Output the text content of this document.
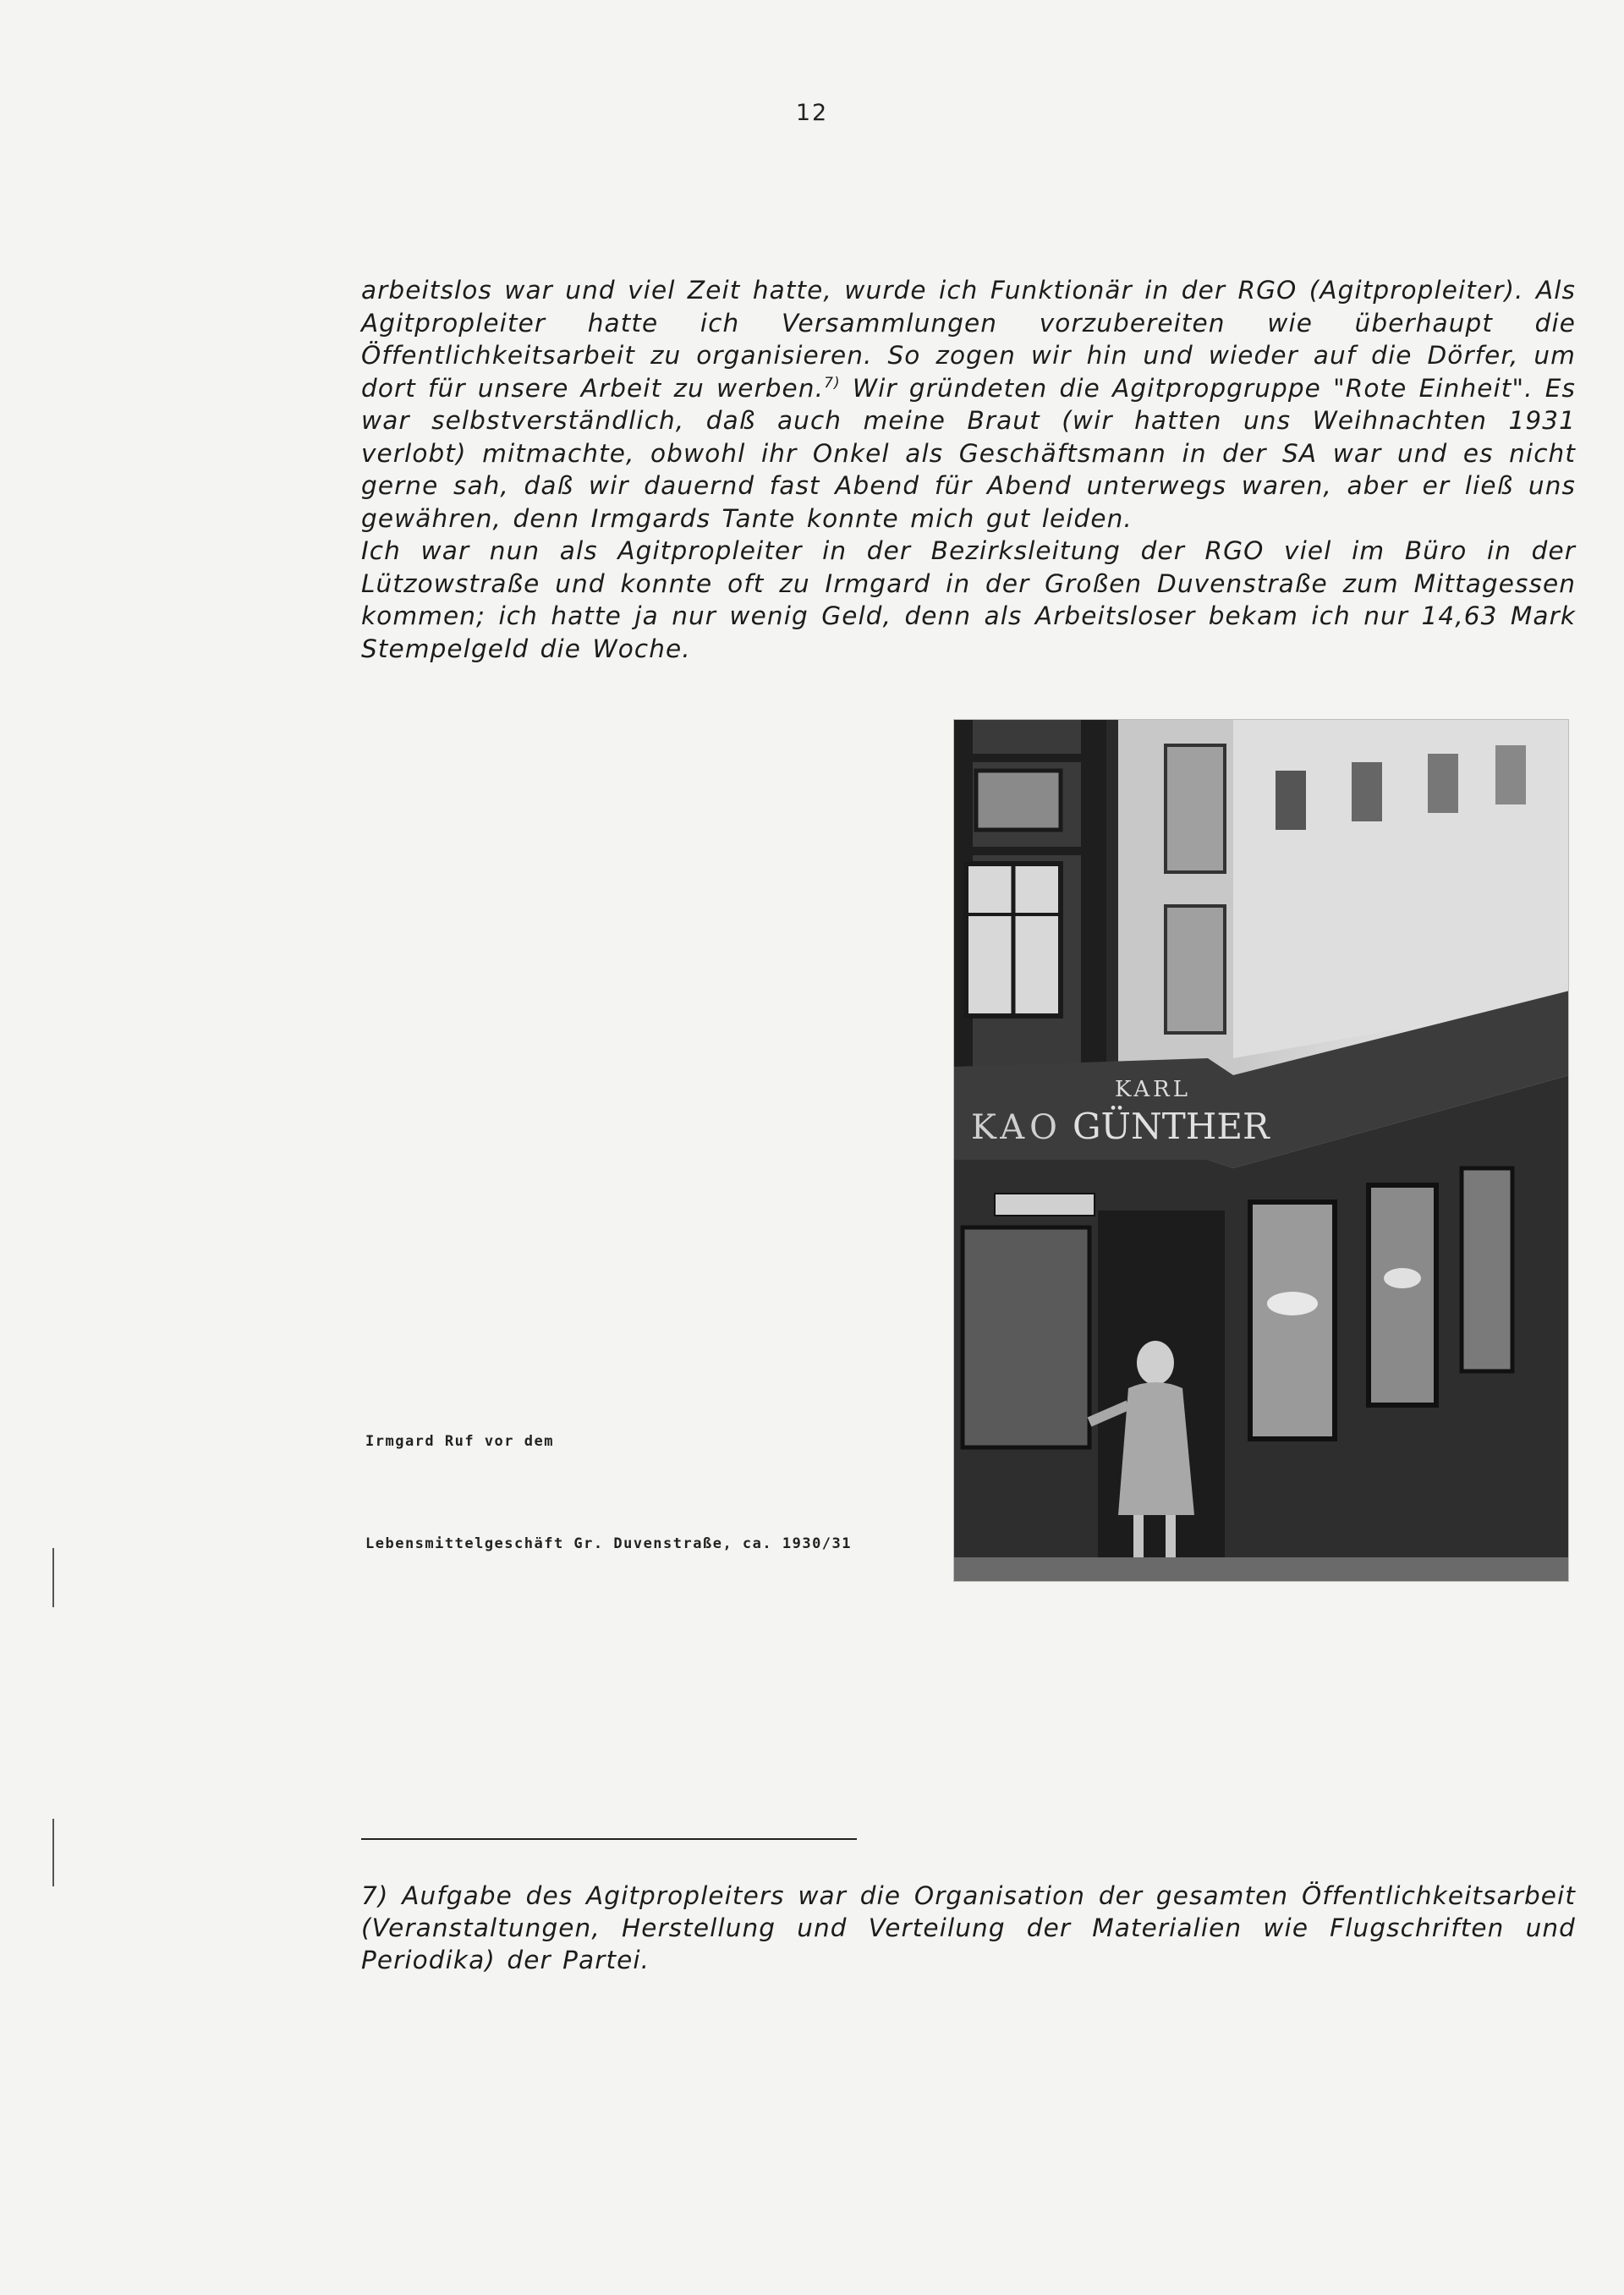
12

arbeitslos war und viel Zeit hatte, wurde ich Funktionär in der RGO (Agitpropleiter). Als Agitpropleiter hatte ich Versammlungen vorzubereiten wie überhaupt die Öffentlichkeitsarbeit zu organisieren. So zogen wir hin und wieder auf die Dörfer, um dort für unsere Arbeit zu werben.$^{7)}$ Wir gründeten die Agitpropgruppe "Rote Einheit". Es war selbstverständlich, daß auch meine Braut (wir hatten uns Weihnachten 1931 verlobt) mitmachte, obwohl ihr Onkel als Geschäftsmann in der SA war und es nicht gerne sah, daß wir dauernd fast Abend für Abend unterwegs waren, aber er ließ uns gewähren, denn Irmgards Tante konnte mich gut leiden.

Ich war nun als Agitpropleiter in der Bezirksleitung der RGO viel im Büro in der Lützowstraße und konnte oft zu Irmgard in der Großen Duvenstraße zum Mittagessen kommen; ich hatte ja nur wenig Geld, denn als Arbeitsloser bekam ich nur 14,63 Mark Stempelgeld die Woche.

KARL
KAO GÜNTHER
Irmgard Ruf vor dem
Lebensmittelgeschäft Gr. Duvenstraße, ca. 1930/31

7) Aufgabe des Agitpropleiters war die Organisation der gesamten Öffentlichkeitsarbeit (Veranstaltungen, Herstellung und Verteilung der Materialien wie Flugschriften und Periodika) der Partei.
